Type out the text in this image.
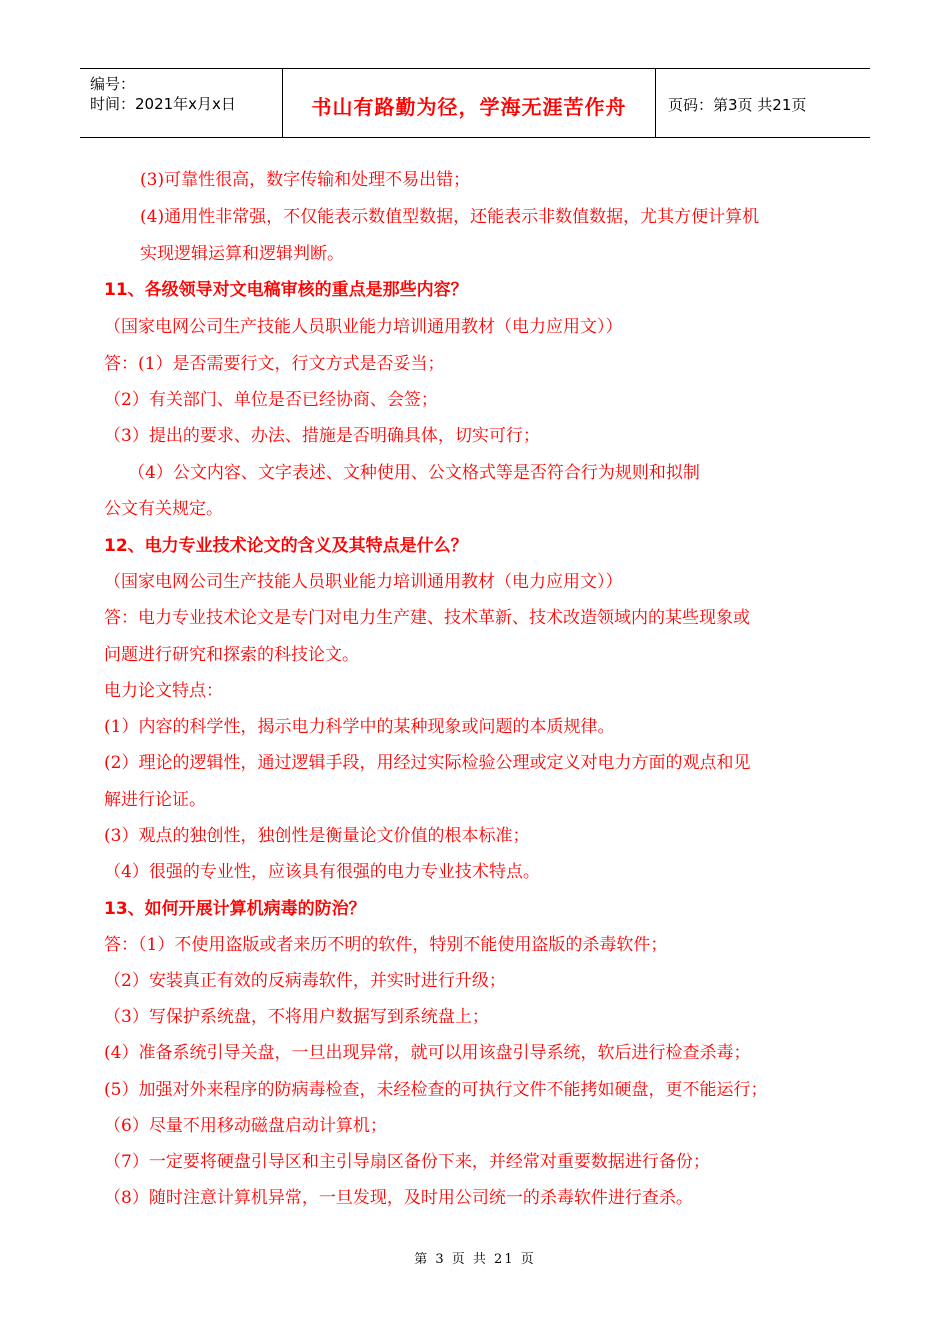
编号：
时间：2021年x月x日	书山有路勤为径，学海无涯苦作舟	页码：第3页 共21页
(3)可靠性很高，数字传输和处理不易出错；
(4)通用性非常强，不仅能表示数值型数据，还能表示非数值数据，尤其方便计算机
实现逻辑运算和逻辑判断。
11、各级领导对文电稿审核的重点是那些内容？
（国家电网公司生产技能人员职业能力培训通用教材（电力应用文））
答：(1）是否需要行文，行文方式是否妥当；
（2）有关部门、单位是否已经协商、会签；
（3）提出的要求、办法、措施是否明确具体，切实可行；
（4）公文内容、文字表述、文种使用、公文格式等是否符合行为规则和拟制
公文有关规定。
12、电力专业技术论文的含义及其特点是什么？
（国家电网公司生产技能人员职业能力培训通用教材（电力应用文））
答：电力专业技术论文是专门对电力生产建、技术革新、技术改造领域内的某些现象或
问题进行研究和探索的科技论文。
电力论文特点：
(1）内容的科学性，揭示电力科学中的某种现象或问题的本质规律。
(2）理论的逻辑性，通过逻辑手段，用经过实际检验公理或定义对电力方面的观点和见
解进行论证。
(3）观点的独创性，独创性是衡量论文价值的根本标准；
（4）很强的专业性，应该具有很强的电力专业技术特点。
13、如何开展计算机病毒的防治？
答：（1）不使用盗版或者来历不明的软件，特别不能使用盗版的杀毒软件；
（2）安装真正有效的反病毒软件，并实时进行升级；
（3）写保护系统盘，不将用户数据写到系统盘上；
(4）准备系统引导关盘，一旦出现异常，就可以用该盘引导系统，软后进行检查杀毒；
(5）加强对外来程序的防病毒检查，未经检查的可执行文件不能拷如硬盘，更不能运行；
（6）尽量不用移动磁盘启动计算机；
（7）一定要将硬盘引导区和主引导扇区备份下来，并经常对重要数据进行备份；
（8）随时注意计算机异常，一旦发现，及时用公司统一的杀毒软件进行查杀。
第 3 页 共 21 页
